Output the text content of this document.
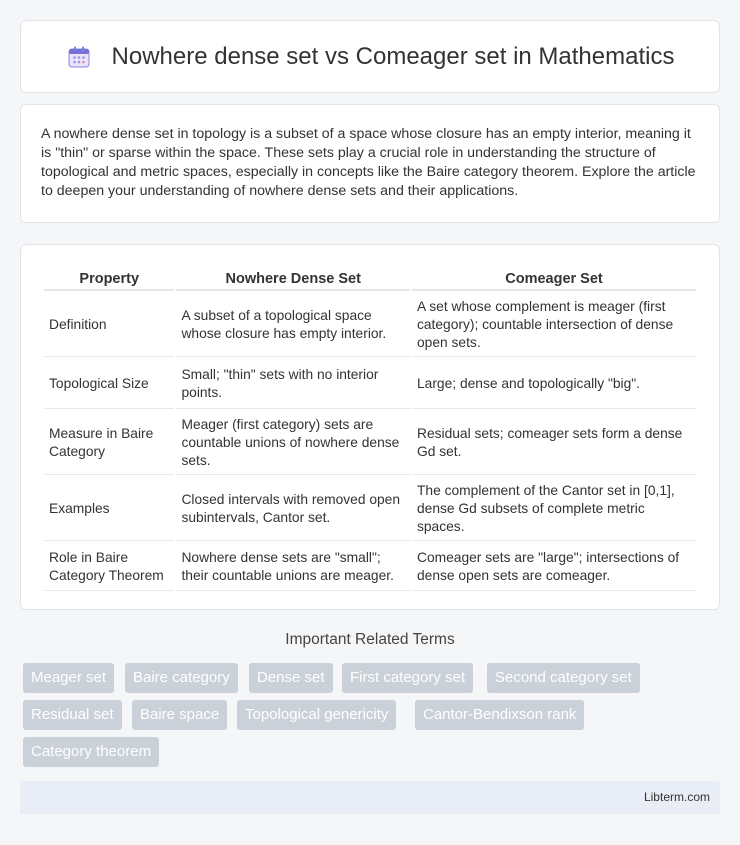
Nowhere dense set vs Comeager set in Mathematics

A nowhere dense set in topology is a subset of a space whose closure has an empty interior, meaning it is "thin" or sparse within the space. These sets play a crucial role in understanding the structure of topological and metric spaces, especially in concepts like the Baire category theorem. Explore the article to deepen your understanding of nowhere dense sets and their applications.

Property	Nowhere Dense Set	Comeager Set
Definition	A subset of a topological space whose closure has empty interior.	A set whose complement is meager (first category); countable intersection of dense open sets.
Topological Size	Small; "thin" sets with no interior points.	Large; dense and topologically "big".
Measure in Baire Category	Meager (first category) sets are countable unions of nowhere dense sets.	Residual sets; comeager sets form a dense Gd set.
Examples	Closed intervals with removed open subintervals, Cantor set.	The complement of the Cantor set in [0,1], dense Gd subsets of complete metric spaces.
Role in Baire Category Theorem	Nowhere dense sets are "small"; their countable unions are meager.	Comeager sets are "large"; intersections of dense open sets are comeager.
Important Related Terms
Meager set	Baire category	Dense set	First category set	Second category set
Residual set	Baire space	Topological genericity	Cantor-Bendixson rank
Category theorem
Libterm.com
